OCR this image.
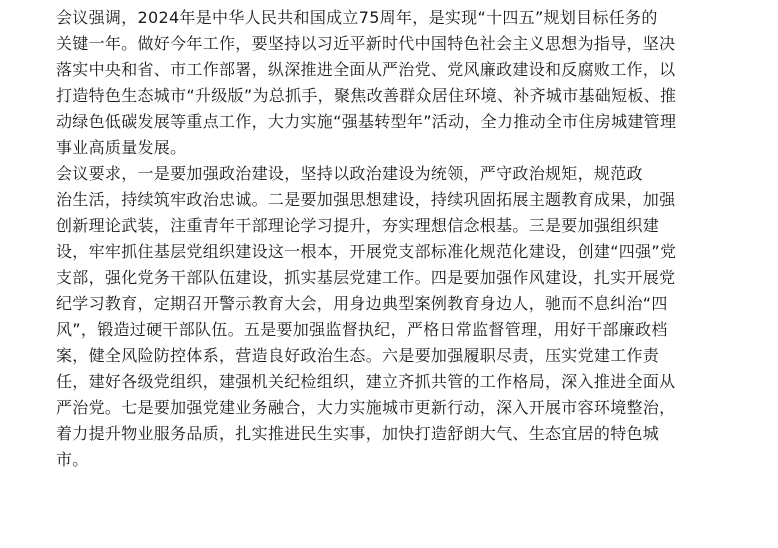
会议强调，2024年是中华人民共和国成立75周年，是实现“十四五”规划目标任务的
关键一年。做好今年工作，要坚持以习近平新时代中国特色社会主义思想为指导，坚决
落实中央和省、市工作部署，纵深推进全面从严治党、党风廉政建设和反腐败工作，以
打造特色生态城市“升级版”为总抓手，聚焦改善群众居住环境、补齐城市基础短板、推
动绿色低碳发展等重点工作，大力实施“强基转型年”活动，全力推动全市住房城建管理
事业高质量发展。

会议要求，一是要加强政治建设，坚持以政治建设为统领，严守政治规矩，规范政
治生活，持续筑牢政治忠诚。二是要加强思想建设，持续巩固拓展主题教育成果，加强
创新理论武装，注重青年干部理论学习提升，夯实理想信念根基。三是要加强组织建
设，牢牢抓住基层党组织建设这一根本，开展党支部标准化规范化建设，创建“四强”党
支部，强化党务干部队伍建设，抓实基层党建工作。四是要加强作风建设，扎实开展党
纪学习教育，定期召开警示教育大会，用身边典型案例教育身边人，驰而不息纠治“四
风”，锻造过硬干部队伍。五是要加强监督执纪，严格日常监督管理，用好干部廉政档
案，健全风险防控体系，营造良好政治生态。六是要加强履职尽责，压实党建工作责
任，建好各级党组织，建强机关纪检组织，建立齐抓共管的工作格局，深入推进全面从
严治党。七是要加强党建业务融合，大力实施城市更新行动，深入开展市容环境整治，
着力提升物业服务品质，扎实推进民生实事，加快打造舒朗大气、生态宜居的特色城
市。
